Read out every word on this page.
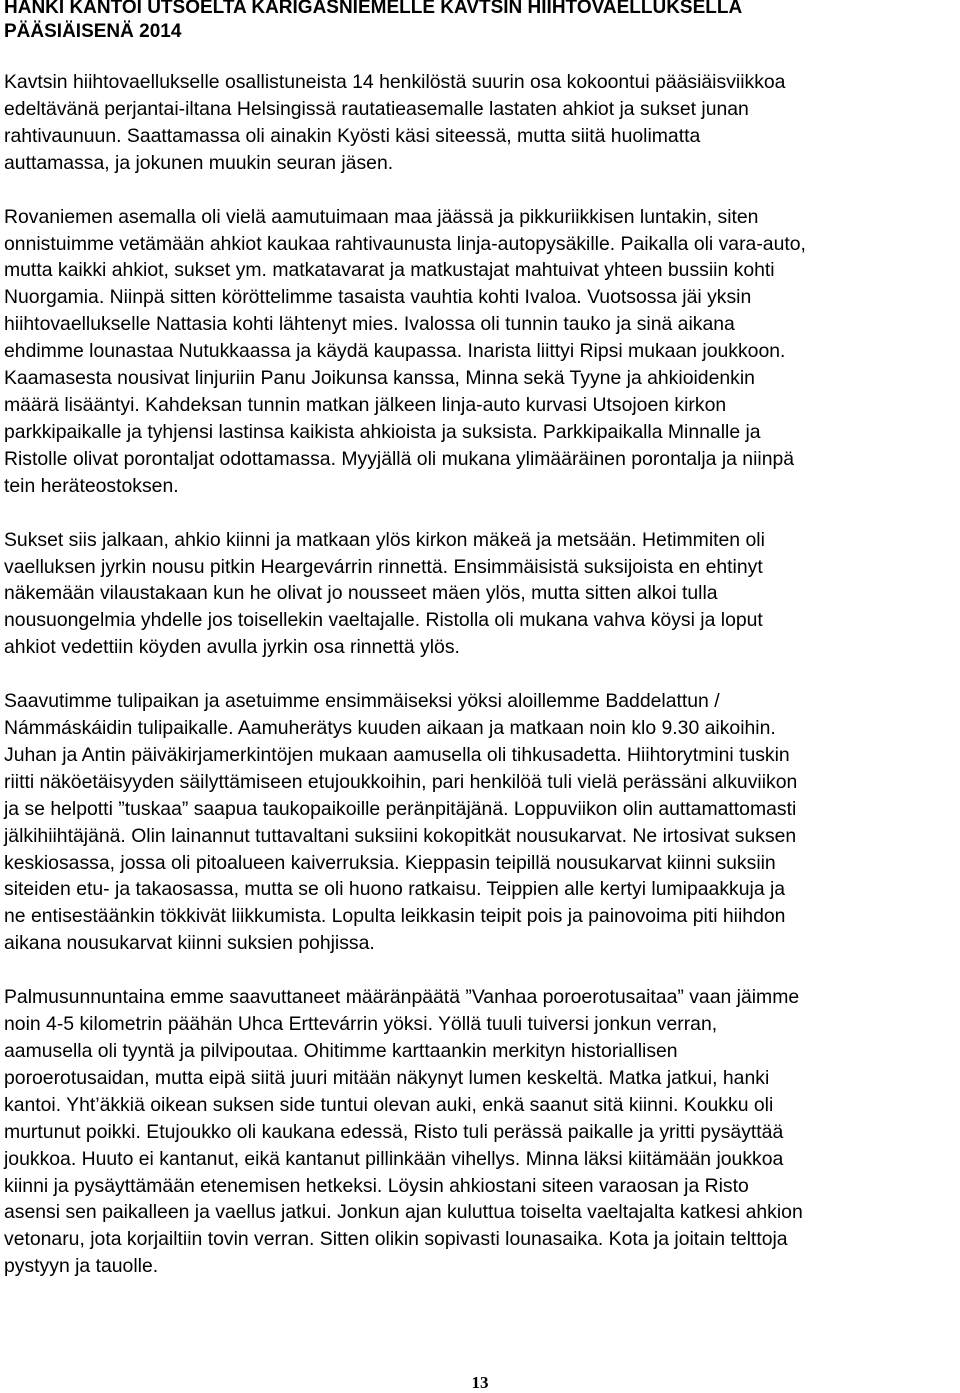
HANKI KANTOI UTSOELTA KARIGASNIEMELLE KAVTSIN HIIHTOVAELLUKSELLA
PÄÄSIÄISENÄ 2014

Kavtsin hiihtovaellukselle osallistuneista 14 henkilöstä suurin osa kokoontui pääsiäisviikkoa
edeltävänä perjantai-iltana Helsingissä rautatieasemalle lastaten ahkiot ja sukset junan
rahtivaunuun. Saattamassa oli ainakin Kyösti käsi siteessä, mutta siitä huolimatta
auttamassa, ja jokunen muukin seuran jäsen.

Rovaniemen asemalla oli vielä aamutuimaan maa jäässä ja pikkuriikkisen luntakin, siten
onnistuimme vetämään ahkiot kaukaa rahtivaunusta linja-autopysäkille. Paikalla oli vara-auto,
mutta kaikki ahkiot, sukset ym. matkatavarat ja matkustajat mahtuivat yhteen bussiin kohti
Nuorgamia. Niinpä sitten köröttelimme tasaista vauhtia kohti Ivaloa. Vuotsossa jäi yksin
hiihtovaellukselle Nattasia kohti lähtenyt mies. Ivalossa oli tunnin tauko ja sinä aikana
ehdimme lounastaa Nutukkaassa ja käydä kaupassa. Inarista liittyi Ripsi mukaan joukkoon.
Kaamasesta nousivat linjuriin Panu Joikunsa kanssa, Minna sekä Tyyne ja ahkioidenkin
määrä lisääntyi. Kahdeksan tunnin matkan jälkeen linja-auto kurvasi Utsojoen kirkon
parkkipaikalle ja tyhjensi lastinsa kaikista ahkioista ja suksista. Parkkipaikalla Minnalle ja
Ristolle olivat porontaljat odottamassa. Myyjällä oli mukana ylimääräinen porontalja ja niinpä
tein heräteostoksen.

Sukset siis jalkaan, ahkio kiinni ja matkaan ylös kirkon mäkeä ja metsään. Hetimmiten oli
vaelluksen jyrkin nousu pitkin Heargevárrin rinnettä. Ensimmäisistä suksijoista en ehtinyt
näkemään vilaustakaan kun he olivat jo nousseet mäen ylös, mutta sitten alkoi tulla
nousuongelmia yhdelle jos toisellekin vaeltajalle. Ristolla oli mukana vahva köysi ja loput
ahkiot vedettiin köyden avulla jyrkin osa rinnettä ylös.

Saavutimme tulipaikan ja asetuimme ensimmäiseksi yöksi aloillemme Baddelattun /
Námmáskáidin tulipaikalle. Aamuherätys kuuden aikaan ja matkaan noin klo 9.30 aikoihin.
Juhan ja Antin päiväkirjamerkintöjen mukaan aamusella oli tihkusadetta. Hiihtorytmini tuskin
riitti näköetäisyyden säilyttämiseen etujoukkoihin, pari henkilöä tuli vielä perässäni alkuviikon
ja se helpotti ”tuskaa” saapua taukopaikoille peränpitäjänä. Loppuviikon olin auttamattomasti
jälkihiihtäjänä. Olin lainannut tuttavaltani suksiini kokopitkät nousukarvat. Ne irtosivat suksen
keskiosassa, jossa oli pitoalueen kaiverruksia. Kieppasin teipillä nousukarvat kiinni suksiin
siteiden etu- ja takaosassa, mutta se oli huono ratkaisu. Teippien alle kertyi lumipaakkuja ja
ne entisestäänkin tökkivät liikkumista. Lopulta leikkasin teipit pois ja painovoima piti hiihdon
aikana nousukarvat kiinni suksien pohjissa.

Palmusunnuntaina emme saavuttaneet määränpäätä ”Vanhaa poroerotusaitaa” vaan jäimme
noin 4-5 kilometrin päähän Uhca Erttevárrin yöksi. Yöllä tuuli tuiversi jonkun verran,
aamusella oli tyyntä ja pilvipoutaa. Ohitimme karttaankin merkityn historiallisen
poroerotusaidan, mutta eipä siitä juuri mitään näkynyt lumen keskeltä. Matka jatkui, hanki
kantoi. Yht’äkkiä oikean suksen side tuntui olevan auki, enkä saanut sitä kiinni. Koukku oli
murtunut poikki. Etujoukko oli kaukana edessä, Risto tuli perässä paikalle ja yritti pysäyttää
joukkoa. Huuto ei kantanut, eikä kantanut pillinkään vihellys. Minna läksi kiitämään joukkoa
kiinni ja pysäyttämään etenemisen hetkeksi. Löysin ahkiostani siteen varaosan ja Risto
asensi sen paikalleen ja vaellus jatkui. Jonkun ajan kuluttua toiselta vaeltajalta katkesi ahkion
vetonaru, jota korjailtiin tovin verran. Sitten olikin sopivasti lounasaika. Kota ja joitain telttoja
pystyyn ja tauolle.

13
